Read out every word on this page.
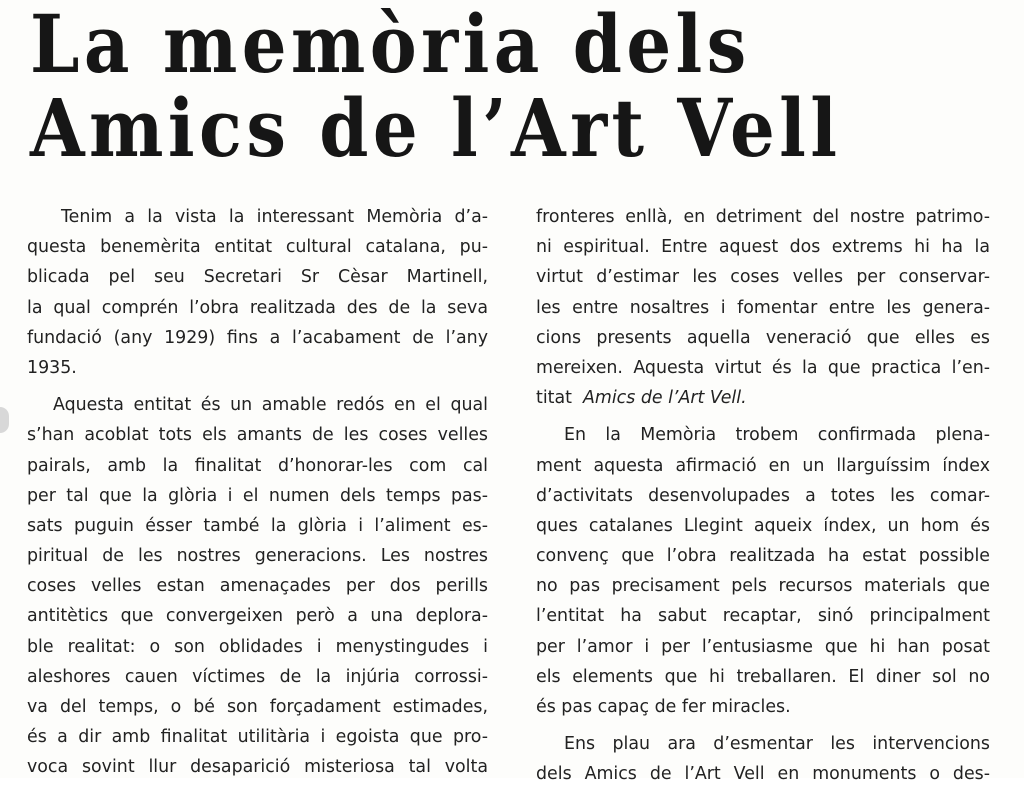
La memòria dels
Amics de l’Art Vell
Tenim a la vista la interessant Memòria d’a-
questa benemèrita entitat cultural catalana, pu-
blicada pel seu Secretari Sr Cèsar Martinell,
la qual comprén l’obra realitzada des de la seva
fundació (any 1929) fins a l’acabament de l’any
1935.
Aquesta entitat és un amable redós en el qual
s’han acoblat tots els amants de les coses velles
pairals, amb la finalitat d’honorar-les com cal
per tal que la glòria i el numen dels temps pas-
sats puguin ésser també la glòria i l’aliment es-
piritual de les nostres generacions. Les nostres
coses velles estan amenaçades per dos perills
antitètics que convergeixen però a una deplora-
ble realitat: o son oblidades i menystingudes i
aleshores cauen víctimes de la injúria corrossi-
va del temps, o bé son forçadament estimades,
és a dir amb finalitat utilitària i egoista que pro-
voca sovint llur desaparició misteriosa tal volta
fronteres enllà, en detriment del nostre patrimo-
ni espiritual. Entre aquest dos extrems hi ha la
virtut d’estimar les coses velles per conservar-
les entre nosaltres i fomentar entre les genera-
cions presents aquella veneració que elles es
mereixen. Aquesta virtut és la que practica l’en-
titat Amics de l’Art Vell.
En la Memòria trobem confirmada plena-
ment aquesta afirmació en un llarguíssim índex
d’activitats desenvolupades a totes les comar-
ques catalanes Llegint aqueix índex, un hom és
convenç que l’obra realitzada ha estat possible
no pas precisament pels recursos materials que
l’entitat ha sabut recaptar, sinó principalment
per l’amor i per l’entusiasme que hi han posat
els elements que hi treballaren. El diner sol no
és pas capaç de fer miracles.
Ens plau ara d’esmentar les intervencions
dels Amics de l’Art Vell en monuments o des-
